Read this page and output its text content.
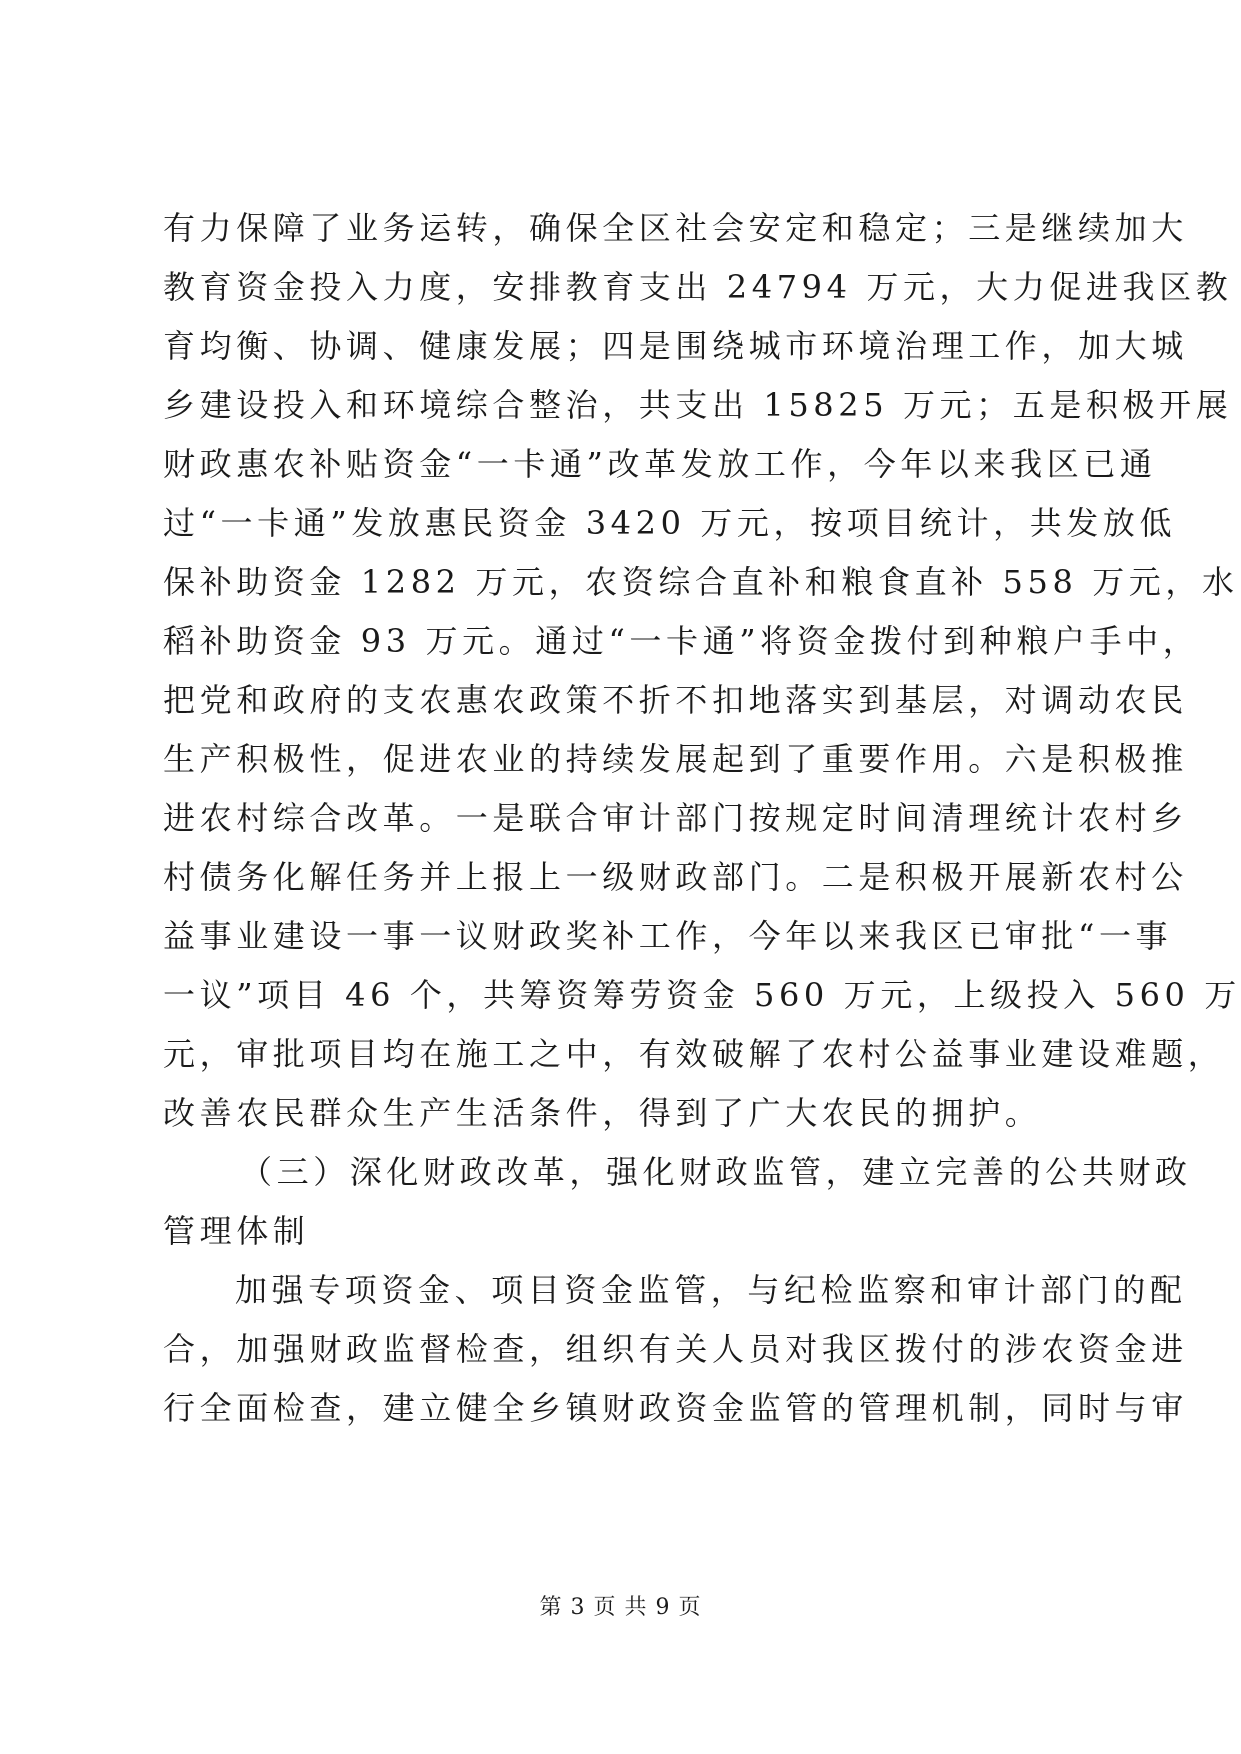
有力保障了业务运转，确保全区社会安定和稳定；三是继续加大
教育资金投入力度，安排教育支出 24794 万元，大力促进我区教
育均衡、协调、健康发展；四是围绕城市环境治理工作，加大城
乡建设投入和环境综合整治，共支出 15825 万元；五是积极开展
财政惠农补贴资金“一卡通”改革发放工作，今年以来我区已通
过“一卡通”发放惠民资金 3420 万元，按项目统计，共发放低
保补助资金 1282 万元，农资综合直补和粮食直补 558 万元，水
稻补助资金 93 万元。通过“一卡通”将资金拨付到种粮户手中，
把党和政府的支农惠农政策不折不扣地落实到基层，对调动农民
生产积极性，促进农业的持续发展起到了重要作用。六是积极推
进农村综合改革。一是联合审计部门按规定时间清理统计农村乡
村债务化解任务并上报上一级财政部门。二是积极开展新农村公
益事业建设一事一议财政奖补工作，今年以来我区已审批“一事
一议”项目 46 个，共筹资筹劳资金 560 万元，上级投入 560 万
元，审批项目均在施工之中，有效破解了农村公益事业建设难题，
改善农民群众生产生活条件，得到了广大农民的拥护。
（三）深化财政改革，强化财政监管，建立完善的公共财政
管理体制
加强专项资金、项目资金监管，与纪检监察和审计部门的配
合，加强财政监督检查，组织有关人员对我区拨付的涉农资金进
行全面检查，建立健全乡镇财政资金监管的管理机制，同时与审
第 3 页 共 9 页
